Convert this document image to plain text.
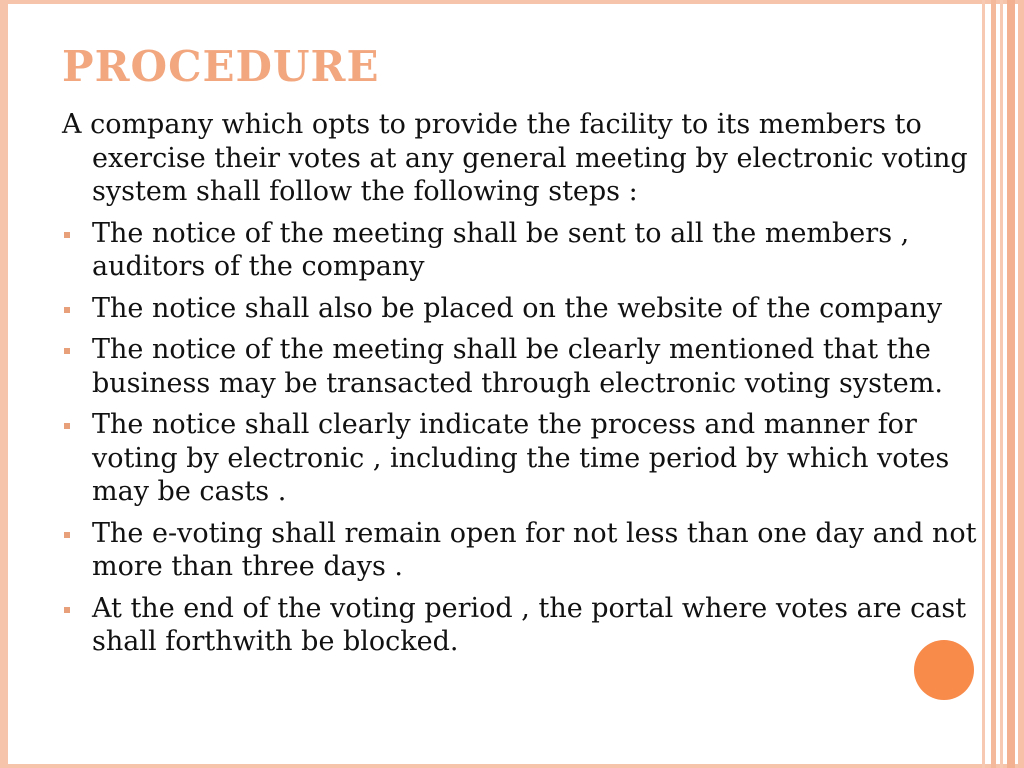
PROCEDURE

A company which opts to provide the facility to its members to exercise their votes at any general meeting by electronic voting system shall follow the following steps :

The notice of the meeting shall be sent to all the members , auditors of the company
The notice shall also be placed on the website of the company
The notice of the meeting shall be clearly mentioned that the business may be transacted through electronic voting system.
The notice shall clearly indicate the process and manner for voting by electronic , including the time period by which votes may be casts .
The e-voting shall remain open for not less than one day and not more than three days .
At the end of the voting period , the portal where votes are cast shall forthwith be blocked.
